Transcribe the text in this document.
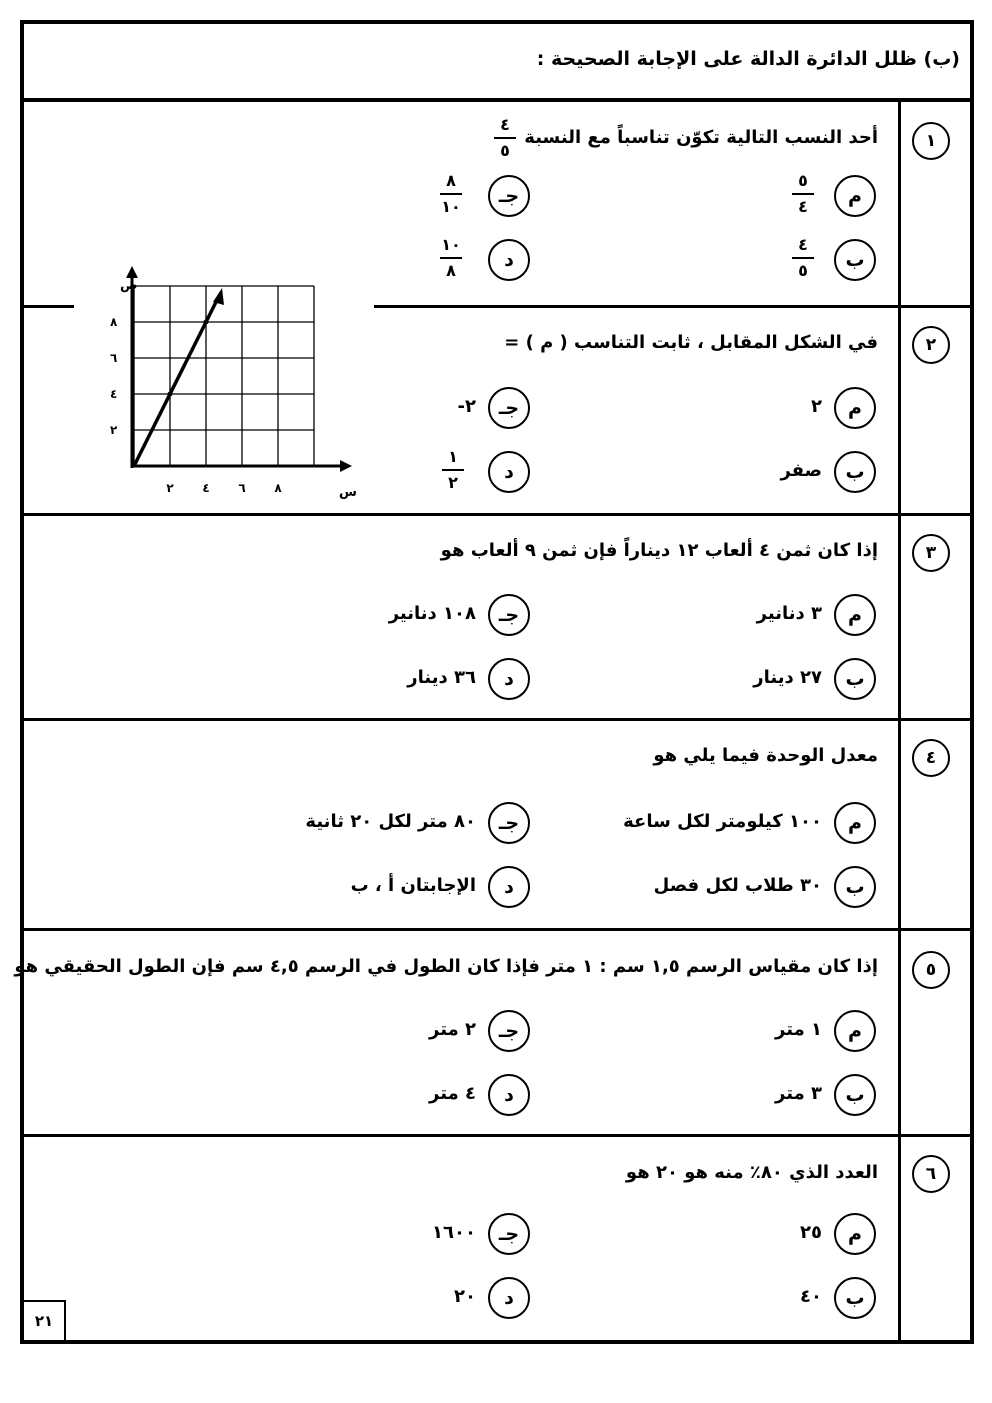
(ب) ظلل الدائرة الدالة على الإجابة الصحيحة :
١
أحد النسب التالية تكوّن تناسباً مع النسبة
٤
٥
م
٥
٤
ب
٤
٥
جـ
٨
١٠
د
١٠
٨
ص
س
٢ ٤ ٦ ٨
٢
٤
٦
٨
٢
في الشكل المقابل ، ثابت التناسب ( م ) =
م
٢
ب
صفر
جـ
٢-
د
١
٢
٣
إذا كان ثمن ٤ ألعاب ١٢ ديناراً فإن ثمن ٩ ألعاب هو
م
٣ دنانير
ب
٢٧ دينار
جـ
١٠٨ دنانير
د
٣٦ دينار
٤
معدل الوحدة فيما يلي هو
م
١٠٠ كيلومتر لكل ساعة
ب
٣٠ طلاب لكل فصل
جـ
٨٠ متر لكل ٢٠ ثانية
د
الإجابتان أ ، ب
٥
إذا كان مقياس الرسم ١,٥ سم : ١ متر فإذا كان الطول في الرسم ٤,٥ سم فإن الطول الحقيقي هو
م
١ متر
ب
٣ متر
جـ
٢ متر
د
٤ متر
٦
العدد الذي ٨٠٪ منه هو ٢٠ هو
م
٢٥
ب
٤٠
جـ
١٦٠٠
د
٢٠
٢١
